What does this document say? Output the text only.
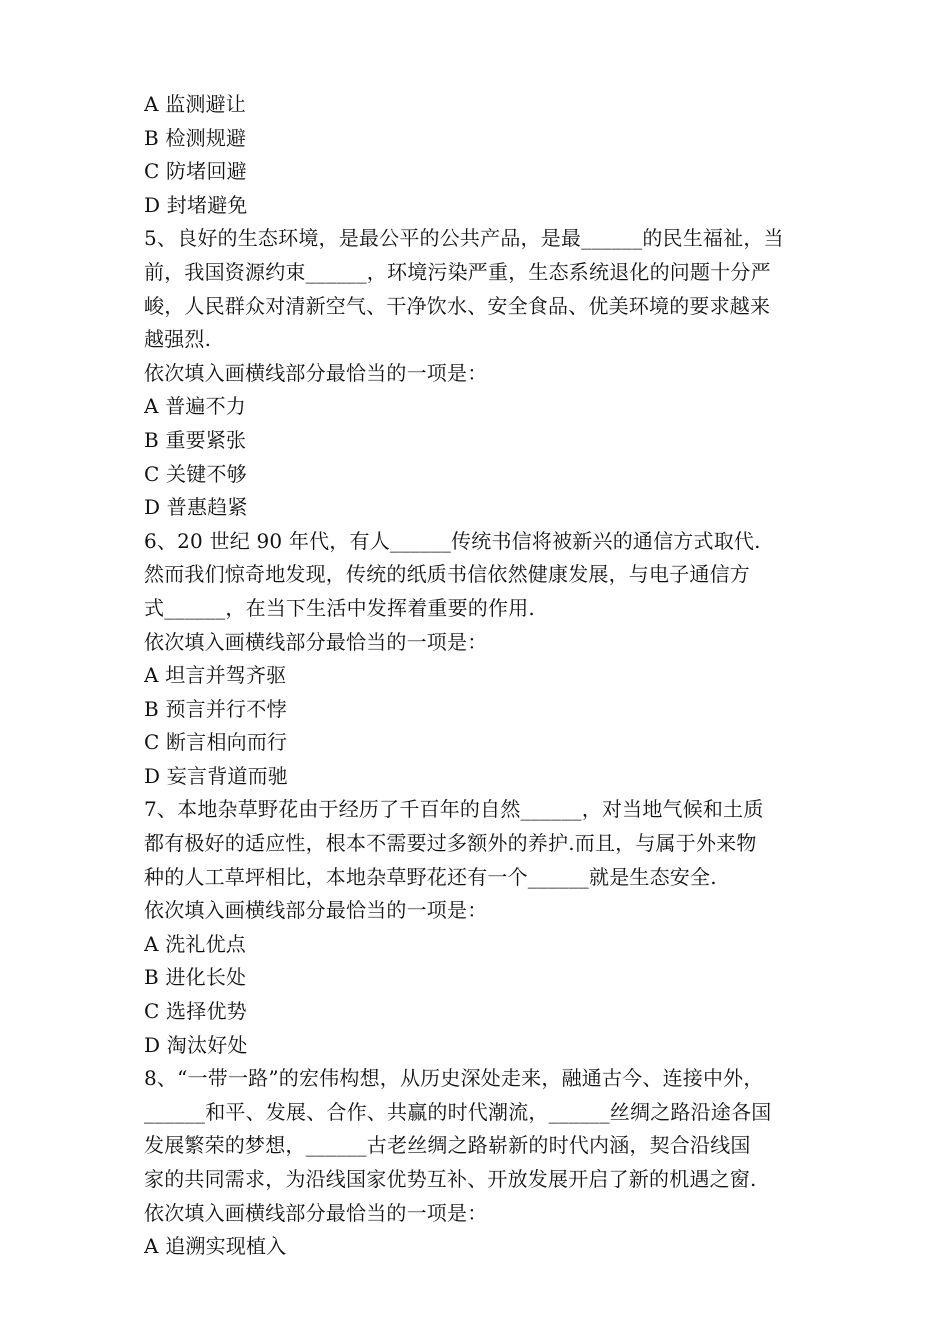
A 监测避让
B 检测规避
C 防堵回避
D 封堵避免
5、良好的生态环境，是最公平的公共产品，是最______的民生福祉，当
前，我国资源约束______，环境污染严重，生态系统退化的问题十分严
峻，人民群众对清新空气、干净饮水、安全食品、优美环境的要求越来
越强烈.
依次填入画横线部分最恰当的一项是：
A 普遍不力
B 重要紧张
C 关键不够
D 普惠趋紧
6、20 世纪 90 年代，有人______传统书信将被新兴的通信方式取代.
然而我们惊奇地发现，传统的纸质书信依然健康发展，与电子通信方
式______，在当下生活中发挥着重要的作用.
依次填入画横线部分最恰当的一项是：
A 坦言并驾齐驱
B 预言并行不悖
C 断言相向而行
D 妄言背道而驰
7、本地杂草野花由于经历了千百年的自然______，对当地气候和土质
都有极好的适应性，根本不需要过多额外的养护.而且，与属于外来物
种的人工草坪相比，本地杂草野花还有一个______就是生态安全.
依次填入画横线部分最恰当的一项是：
A 洗礼优点
B 进化长处
C 选择优势
D 淘汰好处
8、“一带一路”的宏伟构想，从历史深处走来，融通古今、连接中外，
______和平、发展、合作、共赢的时代潮流，______丝绸之路沿途各国
发展繁荣的梦想，______古老丝绸之路崭新的时代内涵，契合沿线国
家的共同需求，为沿线国家优势互补、开放发展开启了新的机遇之窗.
依次填入画横线部分最恰当的一项是：
A 追溯实现植入
